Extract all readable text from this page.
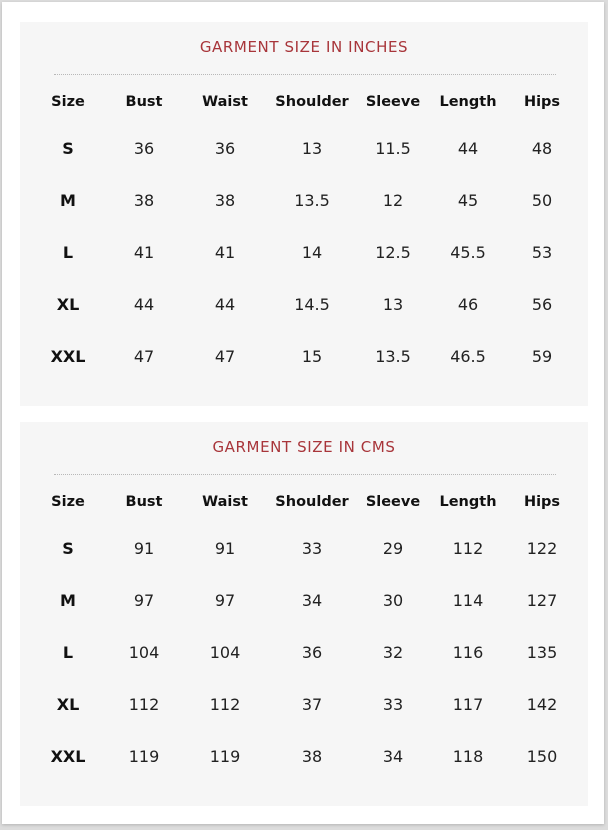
GARMENT SIZE IN INCHES
Size	Bust	Waist	Shoulder	Sleeve	Length	Hips
S	36	36	13	11.5	44	48
M	38	38	13.5	12	45	50
L	41	41	14	12.5	45.5	53
XL	44	44	14.5	13	46	56
XXL	47	47	15	13.5	46.5	59
GARMENT SIZE IN CMS
Size	Bust	Waist	Shoulder	Sleeve	Length	Hips
S	91	91	33	29	112	122
M	97	97	34	30	114	127
L	104	104	36	32	116	135
XL	112	112	37	33	117	142
XXL	119	119	38	34	118	150
